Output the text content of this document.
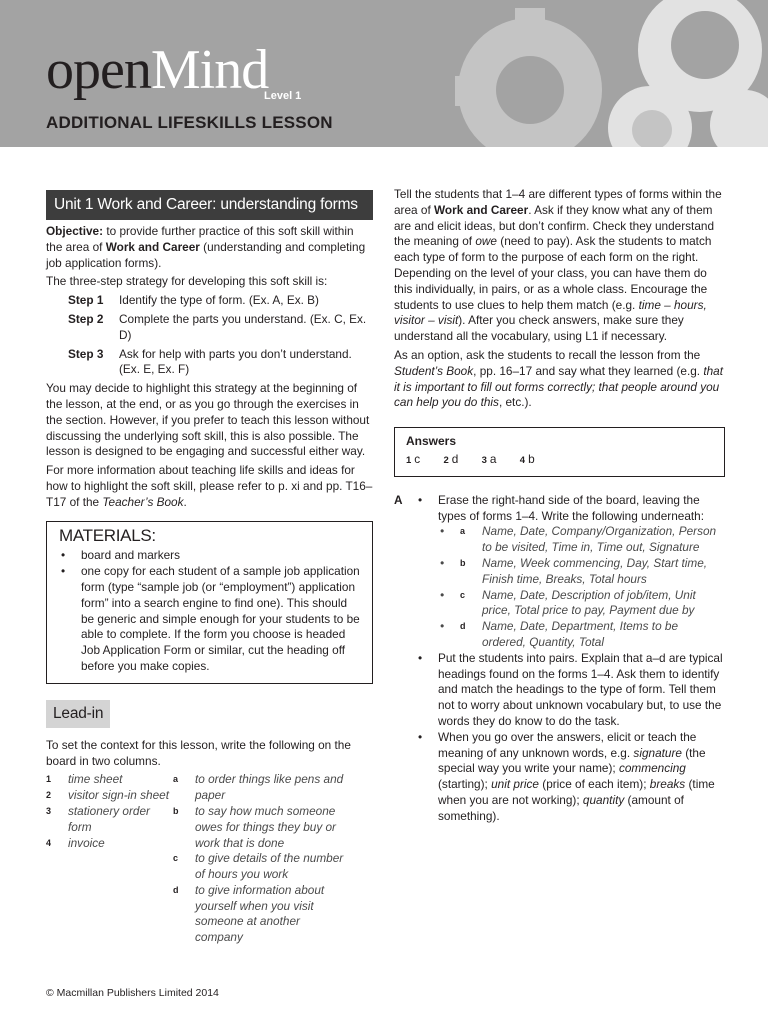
openMind
Level 1
ADDITIONAL LIFESKILLS LESSON
Unit 1 Work and Career: understanding forms

Objective: to provide further practice of this soft skill within the area of Work and Career (understanding and completing job application forms).

The three-step strategy for developing this soft skill is:

Step 1	Identify the type of form. (Ex. A, Ex. B)
Step 2	Complete the parts you understand. (Ex. C, Ex. D)
Step 3	Ask for help with parts you don’t understand. (Ex. E, Ex. F)

You may decide to highlight this strategy at the beginning of the lesson, at the end, or as you go through the exercises in the section. However, if you prefer to teach this lesson without discussing the underlying soft skill, this is also possible. The lesson is designed to be engaging and successful either way.

For more information about teaching life skills and ideas for how to highlight the soft skill, please refer to p. xi and pp. T16–T17 of the Teacher’s Book.

MATERIALS:
• board and markers
• one copy for each student of a sample job application form (type “sample job (or “employment”) application form” into a search engine to find one). This should be generic and simple enough for your students to be able to complete. If the form you choose is headed Job Application Form or similar, cut the heading off before you make copies.
Lead-in

To set the context for this lesson, write the following on the board in two columns.

1	time sheet
2	visitor sign-in sheet
3	stationery order form
4	invoice
a	to order things like pens and paper
b	to say how much someone owes for things they buy or work that is done
c	to give details of the number of hours you work
d	to give information about yourself when you visit someone at another company

Tell the students that 1–4 are different types of forms within the area of Work and Career. Ask if they know what any of them are and elicit ideas, but don’t confirm. Check they understand the meaning of owe (need to pay). Ask the students to match each type of form to the purpose of each form on the right. Depending on the level of your class, you can have them do this individually, in pairs, or as a whole class. Encourage the students to use clues to help them match (e.g. time – hours, visitor – visit). After you check answers, make sure they understand all the vocabulary, using L1 if necessary.

As an option, ask the students to recall the lesson from the Student’s Book, pp. 16–17 and say what they learned (e.g. that it is important to fill out forms correctly; that people around you can help you do this, etc.).

Answers
1 c 2 d 3 a 4 b
A
•	Erase the right-hand side of the board, leaving the types of forms 1–4. Write the following underneath:
• a	Name, Date, Company/Organization, Person to be visited, Time in, Time out, Signature
• b	Name, Week commencing, Day, Start time, Finish time, Breaks, Total hours
• c	Name, Date, Description of job/item, Unit price, Total price to pay, Payment due by
• d	Name, Date, Department, Items to be ordered, Quantity, Total
• Put the students into pairs. Explain that a–d are typical headings found on the forms 1–4. Ask them to identify and match the headings to the type of form. Tell them not to worry about unknown vocabulary but, to use the words they do know to do the task.
• When you go over the answers, elicit or teach the meaning of any unknown words, e.g. signature (the special way you write your name); commencing (starting); unit price (price of each item); breaks (time when you are not working); quantity (amount of something).
© Macmillan Publishers Limited 2014
